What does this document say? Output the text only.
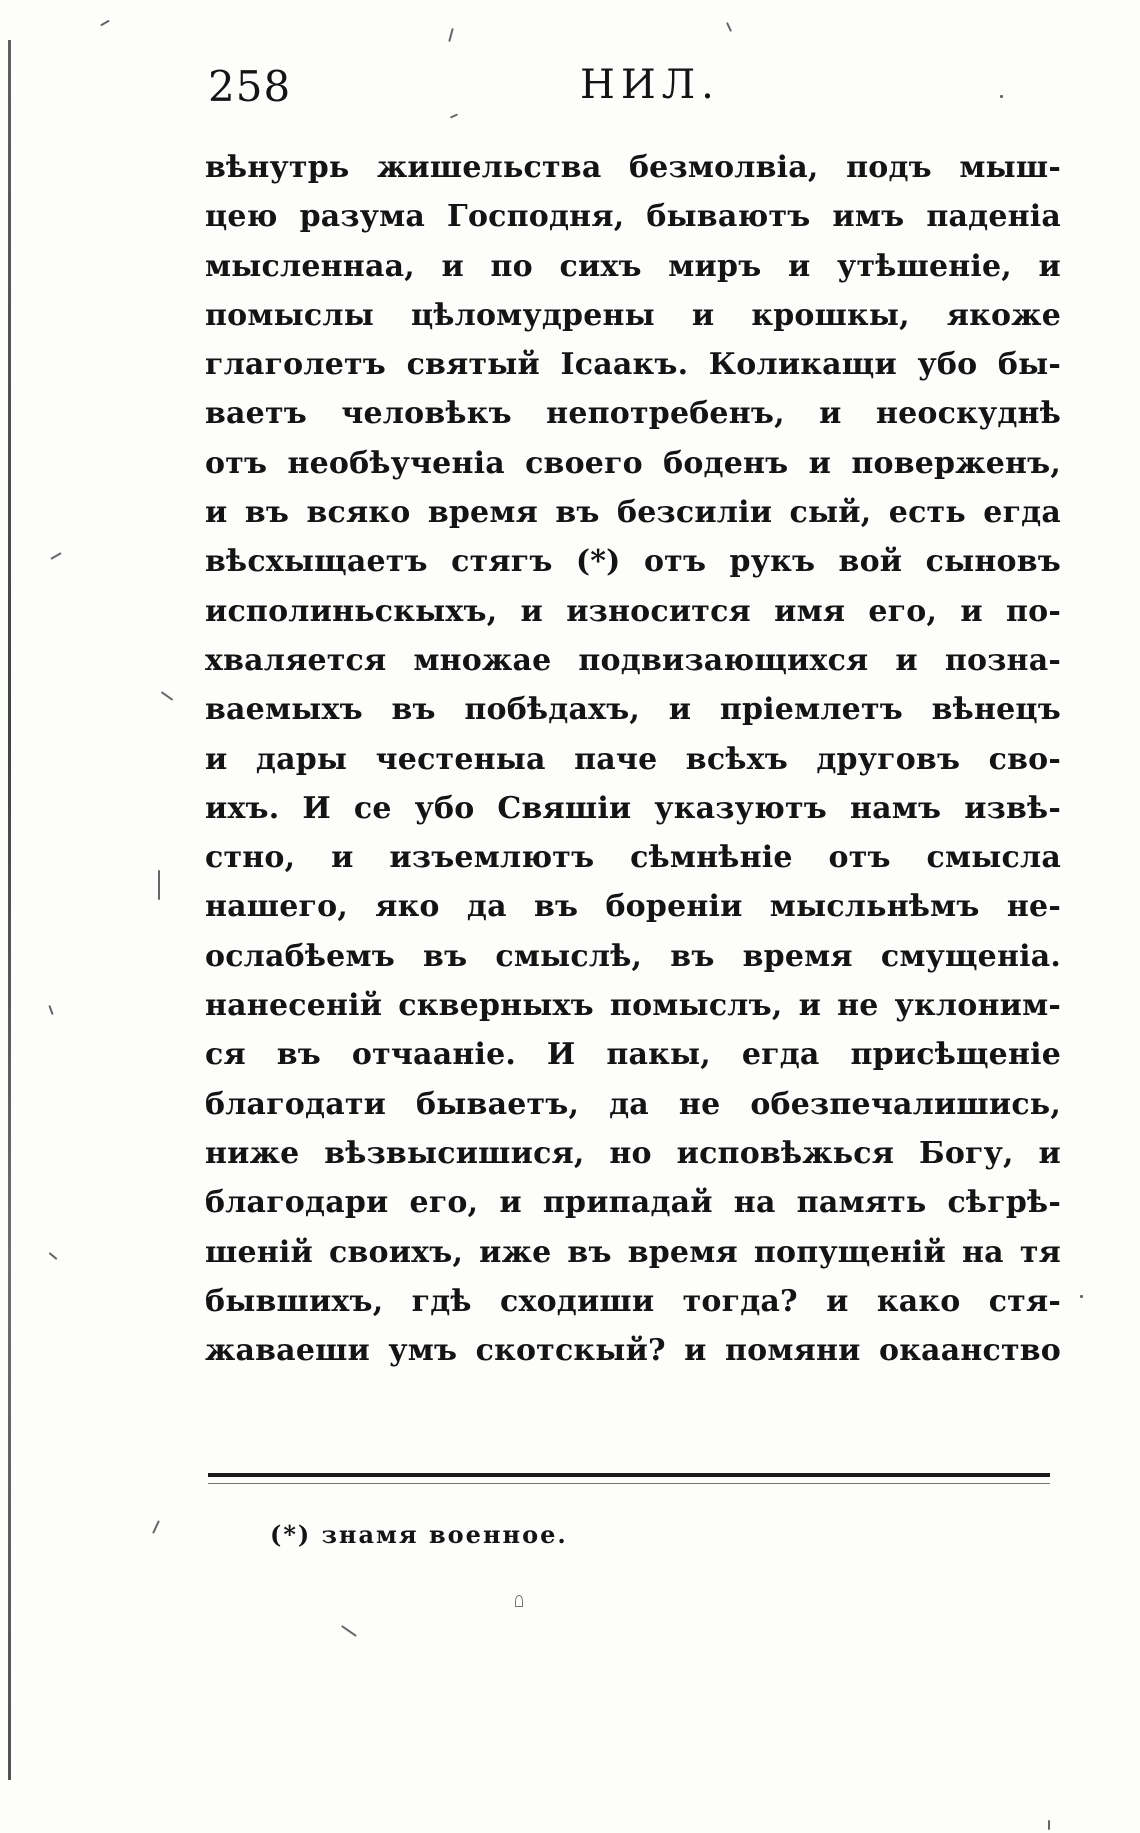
258	НИЛ.
вѣнутрь жишельства безмолвіа, подъ мыш-
цею разума Господня, бываютъ имъ паденіа
мысленнаа, и по сихъ миръ и утѣшеніе, и
помыслы цѣломудрены и крошкы, якоже
глаголетъ святый Ісаакъ. Коликащи убо бы-
ваетъ человѣкъ непотребенъ, и неоскуднѣ
отъ необѣученіа своего боденъ и поверженъ,
и въ всяко время въ безсиліи сый, есть егда
вѣсхыщаетъ стягъ (*) отъ рукъ вой сыновъ
исполиньскыхъ, и износится имя его, и по-
хваляется множае подвизающихся и позна-
ваемыхъ въ побѣдахъ, и пріемлетъ вѣнецъ
и дары честеныа паче всѣхъ друговъ сво-
ихъ. И се убо Свяшіи указуютъ намъ извѣ-
стно, и изъемлютъ сѣмнѣніе отъ смысла
нашего, яко да въ бореніи мысльнѣмъ не-
ослабѣемъ въ смыслѣ, въ время смущеніа.
нанесеній скверныхъ помыслъ, и не уклоним-
ся въ отчааніе. И пакы, егда присѣщеніе
благодати бываетъ, да не обезпечалишись,
ниже вѣзвысишися, но исповѣжься Богу, и
благодари его, и припадай на память сѣгрѣ-
шеній своихъ, иже въ время попущеній на тя
бывшихъ, гдѣ сходиши тогда? и како стя-
жаваеши умъ скотскый? и помяни окаанство
(*) знамя военное.
